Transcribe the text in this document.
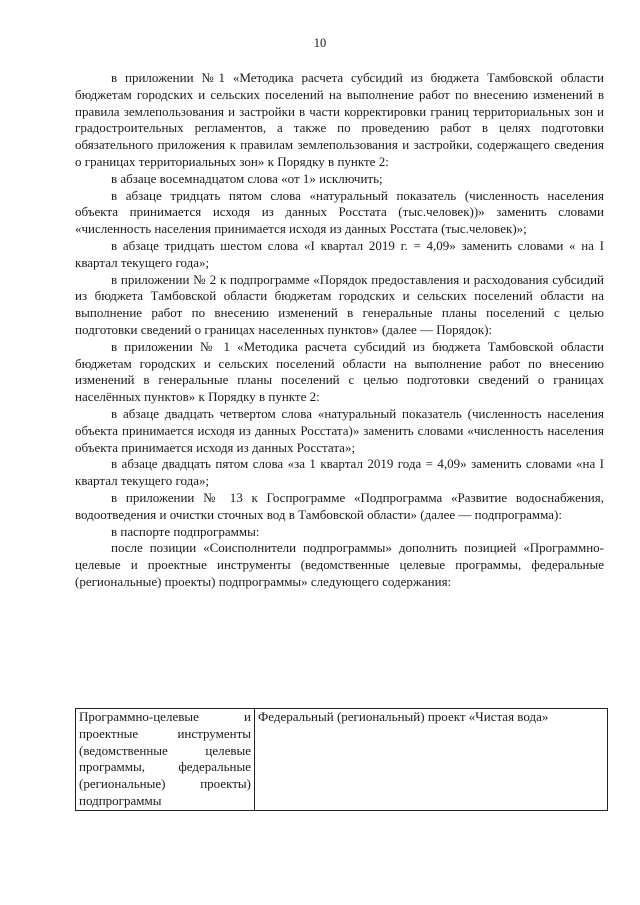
10

в приложении №1 «Методика расчета субсидий из бюджета Тамбовской области бюджетам городских и сельских поселений на выполнение работ по внесению изменений в правила землепользования и застройки в части корректировки границ территориальных зон и градостроительных регламентов, а также по проведению работ в целях подготовки обязательного приложения к правилам землепользования и застройки, содержащего сведения о границах территориальных зон» к Порядку в пункте 2:

в абзаце восемнадцатом слова «от 1» исключить;

в абзаце тридцать пятом слова «натуральный показатель (численность населения объекта принимается исходя из данных Росстата (тыс.человек))» заменить словами «численность населения принимается исходя из данных Росстата (тыс.человек)»;

в абзаце тридцать шестом слова «I квартал 2019 г. = 4,09» заменить словами « на I квартал текущего года»;

в приложении № 2 к подпрограмме «Порядок предоставления и расходования субсидий из бюджета Тамбовской области бюджетам городских и сельских поселений области на выполнение работ по внесению изменений в генеральные планы поселений с целью подготовки сведений о границах населенных пунктов» (далее — Порядок):

в приложении № 1 «Методика расчета субсидий из бюджета Тамбовской области бюджетам городских и сельских поселений области на выполнение работ по внесению изменений в генеральные планы поселений с целью подготовки сведений о границах населённых пунктов» к Порядку в пункте 2:

в абзаце двадцать четвертом слова «натуральный показатель (численность населения объекта принимается исходя из данных Росстата)» заменить словами «численность населения объекта принимается исходя из данных Росстата»;

в абзаце двадцать пятом слова «за 1 квартал 2019 года = 4,09» заменить словами «на I квартал текущего года»;

в приложении № 13 к Госпрограмме «Подпрограмма «Развитие водоснабжения, водоотведения и очистки сточных вод в Тамбовской области» (далее — подпрограмма):

в паспорте подпрограммы:

после позиции «Соисполнители подпрограммы» дополнить позицией «Программно-целевые и проектные инструменты (ведомственные целевые программы, федеральные (региональные) проекты) подпрограммы» следующего содержания:

Программно-целевые и проектные инструменты (ведомственные целевые программы, федеральные (региональные) проекты) подпрограммы	Федеральный (региональный) проект «Чистая вода»
